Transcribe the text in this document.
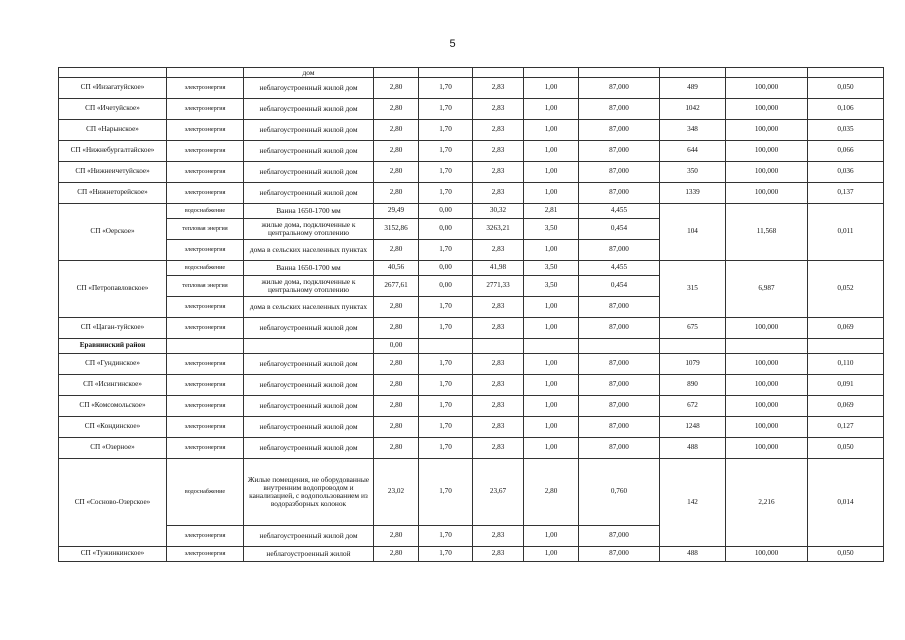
5
		дом								
СП «Инзагатуйское»	электроэнергия	неблагоустроенный жилой дом	2,80	1,70	2,83	1,00	87,000	489	100,000	0,050
СП «Ичетуйское»	электроэнергия	неблагоустроенный жилой дом	2,80	1,70	2,83	1,00	87,000	1042	100,000	0,106
СП «Нарынское»	электроэнергия	неблагоустроенный жилой дом	2,80	1,70	2,83	1,00	87,000	348	100,000	0,035
СП «Нижнебургалтайское»	электроэнергия	неблагоустроенный жилой дом	2,80	1,70	2,83	1,00	87,000	644	100,000	0,066
СП «Нижнеичетуйское»	электроэнергия	неблагоустроенный жилой дом	2,80	1,70	2,83	1,00	87,000	350	100,000	0,036
СП «Нижнеторейское»	электроэнергия	неблагоустроенный жилой дом	2,80	1,70	2,83	1,00	87,000	1339	100,000	0,137
СП «Оерское»	водоснабжение	Ванна 1650-1700 мм	29,49	0,00	30,32	2,81	4,455	104	11,568	0,011
	тепловая энергия	жилые дома, подключенные к центральному отоплению	3152,86	0,00	3263,21	3,50	0,454			
	электроэнергия	дома в сельских населенных пунктах	2,80	1,70	2,83	1,00	87,000			
СП «Петропавловское»	водоснабжение	Ванна 1650-1700 мм	40,56	0,00	41,98	3,50	4,455	315	6,987	0,052
	тепловая энергия	жилые дома, подключенные к центральному отоплению	2677,61	0,00	2771,33	3,50	0,454			
	электроэнергия	дома в сельских населенных пунктах	2,80	1,70	2,83	1,00	87,000			
СП «Цаган-туйское»	электроэнергия	неблагоустроенный жилой дом	2,80	1,70	2,83	1,00	87,000	675	100,000	0,069
Еравнинский район			0,00							
СП «Гундинское»	электроэнергия	неблагоустроенный жилой дом	2,80	1,70	2,83	1,00	87,000	1079	100,000	0,110
СП «Исингинское»	электроэнергия	неблагоустроенный жилой дом	2,80	1,70	2,83	1,00	87,000	890	100,000	0,091
СП «Комсомольское»	электроэнергия	неблагоустроенный жилой дом	2,80	1,70	2,83	1,00	87,000	672	100,000	0,069
СП «Кондинское»	электроэнергия	неблагоустроенный жилой дом	2,80	1,70	2,83	1,00	87,000	1248	100,000	0,127
СП «Озерное»	электроэнергия	неблагоустроенный жилой дом	2,80	1,70	2,83	1,00	87,000	488	100,000	0,050
СП «Сосново-Озерское»	водоснабжение	Жилые помещения, не оборудованные внутренним водопроводом и канализацией, с водопользованием из водоразборных колонок	23,02	1,70	23,67	2,80	0,760	142	2,216	0,014
	электроэнергия	неблагоустроенный жилой дом	2,80	1,70	2,83	1,00	87,000			
СП «Тужинкинское»	электроэнергия	неблагоустроенный жилой	2,80	1,70	2,83	1,00	87,000	488	100,000	0,050
